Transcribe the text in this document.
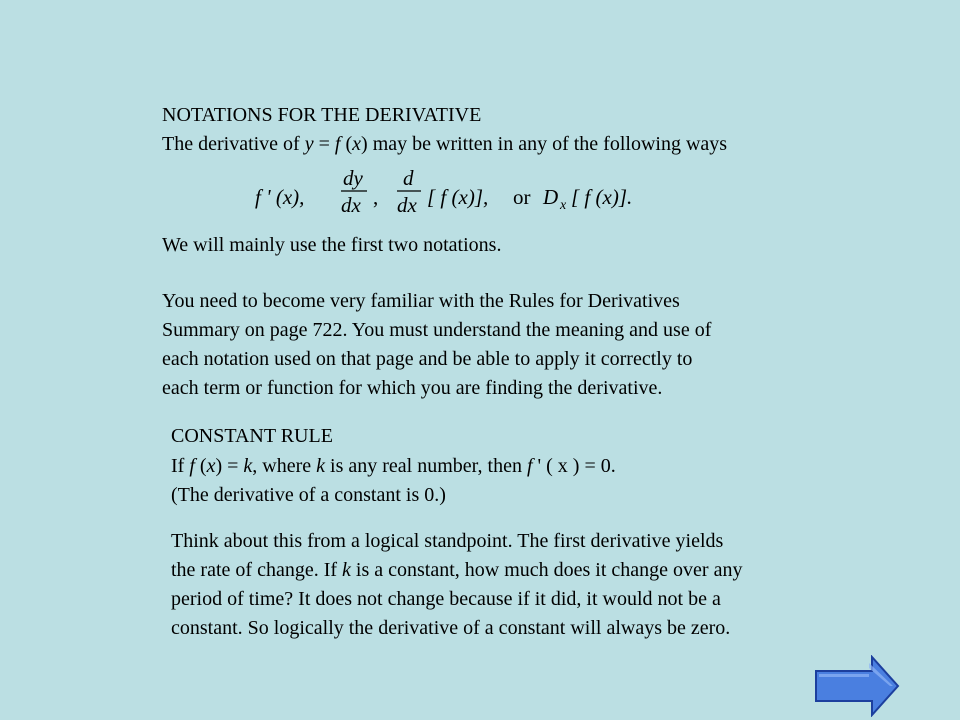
NOTATIONS FOR THE DERIVATIVE
The derivative of y = f (x) may be written in any of the following ways
f ' (x),
dy
dx ,
d
dx [ f (x)], or D x [ f (x)].
We will mainly use the first two notations.
You need to become very familiar with the Rules for Derivatives
Summary on page 722. You must understand the meaning and use of
each notation used on that page and be able to apply it correctly to
each term or function for which you are finding the derivative.
CONSTANT RULE
If f (x) = k, where k is any real number, then f ' ( x ) = 0.
(The derivative of a constant is 0.)
Think about this from a logical standpoint. The first derivative yields
the rate of change. If k is a constant, how much does it change over any
period of time? It does not change because if it did, it would not be a
constant. So logically the derivative of a constant will always be zero.
